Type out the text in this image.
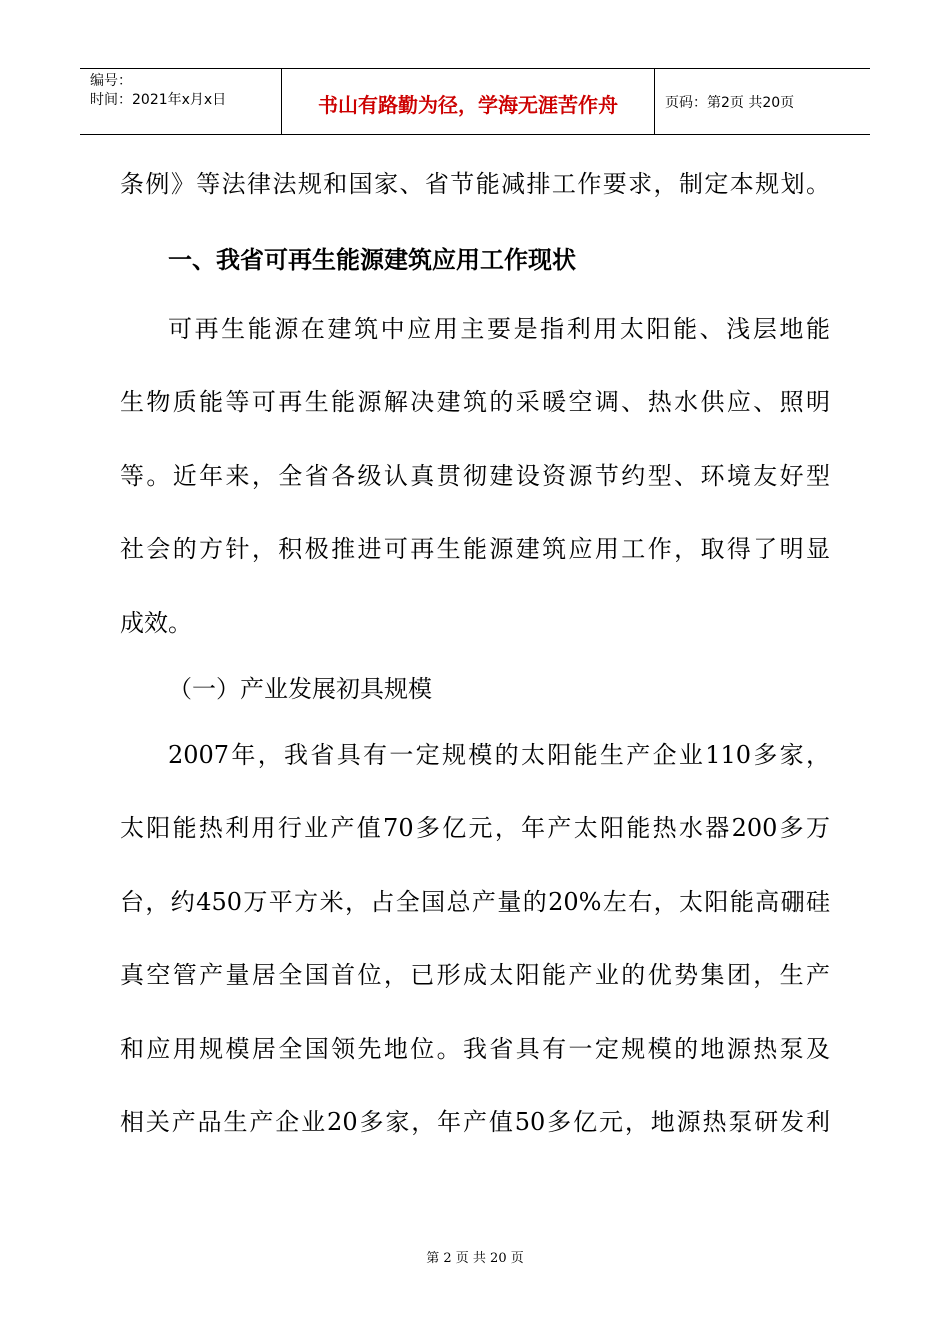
编号：
时间：2021年x月x日	书山有路勤为径，学海无涯苦作舟	页码：第2页 共20页
条例》等法律法规和国家、省节能减排工作要求，制定本规划。
一、我省可再生能源建筑应用工作现状
可再生能源在建筑中应用主要是指利用太阳能、浅层地能
生物质能等可再生能源解决建筑的采暖空调、热水供应、照明
等。近年来，全省各级认真贯彻建设资源节约型、环境友好型
社会的方针，积极推进可再生能源建筑应用工作，取得了明显
成效。
（一）产业发展初具规模
2007年，我省具有一定规模的太阳能生产企业110多家，
太阳能热利用行业产值70多亿元，年产太阳能热水器200多万
台，约450万平方米，占全国总产量的20%左右，太阳能高硼硅
真空管产量居全国首位，已形成太阳能产业的优势集团，生产
和应用规模居全国领先地位。我省具有一定规模的地源热泵及
相关产品生产企业20多家，年产值50多亿元，地源热泵研发利
第 2 页 共 20 页
